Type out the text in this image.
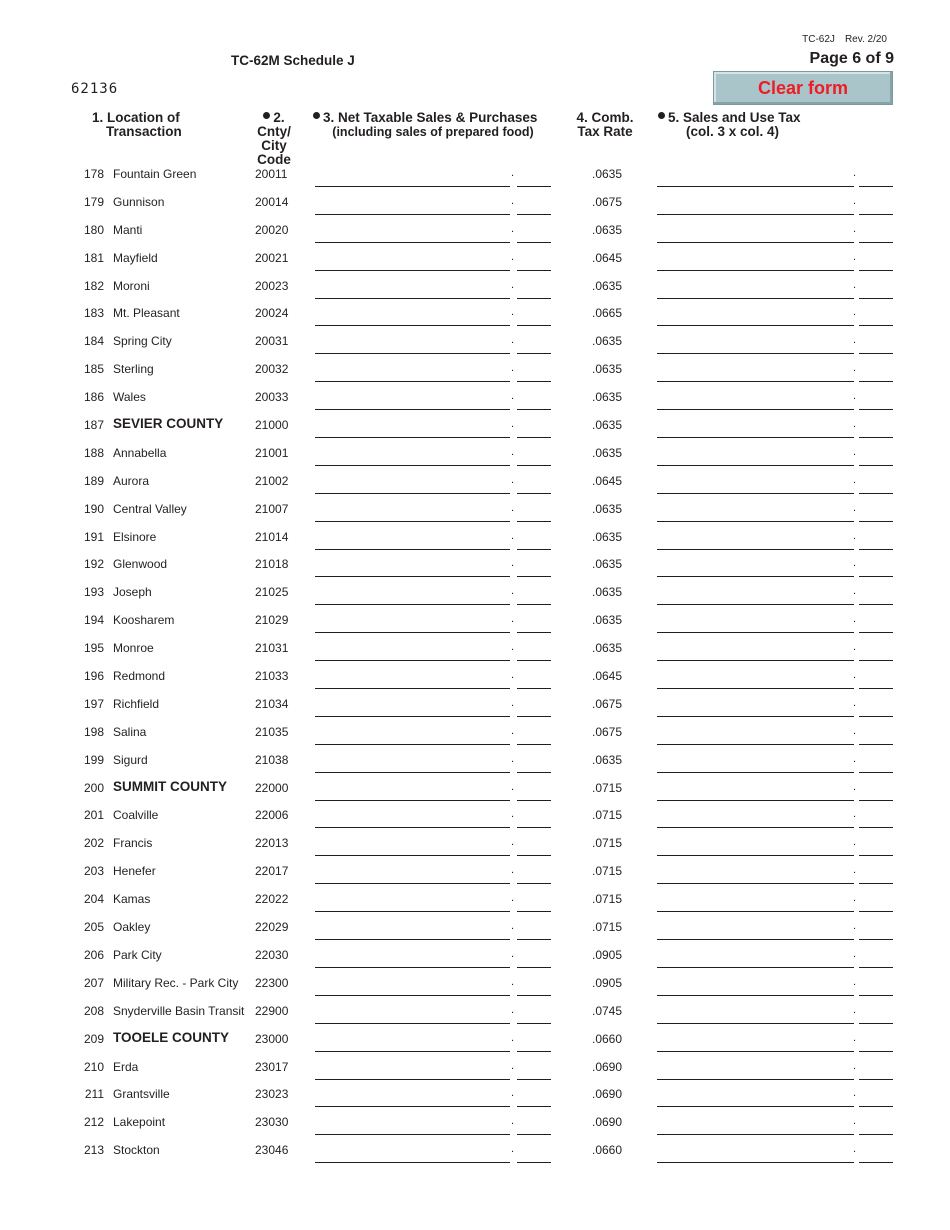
TC-62J Rev. 2/20
Page 6 of 9
TC-62M Schedule J
62136	Clear form
1. Location of
Transaction
2. Cnty/ City Code
3. Net Taxable Sales & Purchases
(including sales of prepared food)
4. Comb. Tax Rate
5. Sales and Use Tax
(col. 3 x col. 4)
178 Fountain Green	20011	.	.0635	.
179 Gunnison	20014	.	.0675	.
180 Manti	20020	.	.0635	.
181 Mayfield	20021	.	.0645	.
182 Moroni	20023	.	.0635	.
183 Mt. Pleasant	20024	.	.0665	.
184 Spring City	20031	.	.0635	.
185 Sterling	20032	.	.0635	.
186 Wales	20033	.	.0635	.
187 SEVIER COUNTY	21000	.	.0635	.
188 Annabella	21001	.	.0635	.
189 Aurora	21002	.	.0645	.
190 Central Valley	21007	.	.0635	.
191 Elsinore	21014	.	.0635	.
192 Glenwood	21018	.	.0635	.
193 Joseph	21025	.	.0635	.
194 Koosharem	21029	.	.0635	.
195 Monroe	21031	.	.0635	.
196 Redmond	21033	.	.0645	.
197 Richfield	21034	.	.0675	.
198 Salina	21035	.	.0675	.
199 Sigurd	21038	.	.0635	.
200 SUMMIT COUNTY 22000	.	.0715	.
201 Coalville	22006	.	.0715	.
202 Francis	22013	.	.0715	.
203 Henefer	22017	.	.0715	.
204 Kamas	22022	.	.0715	.
205 Oakley	22029	.	.0715	.
206 Park City	22030	.	.0905	.
207 Military Rec. - Park City 22300	.	.0905	.
208 Snyderville Basin Transit 22900	.	.0745	.
209 TOOELE COUNTY 23000	.	.0660	.
210 Erda	23017	.	.0690	.
211 Grantsville	23023	.	.0690	.
212 Lakepoint	23030	.	.0690	.
213 Stockton	23046	.	.0660	.
